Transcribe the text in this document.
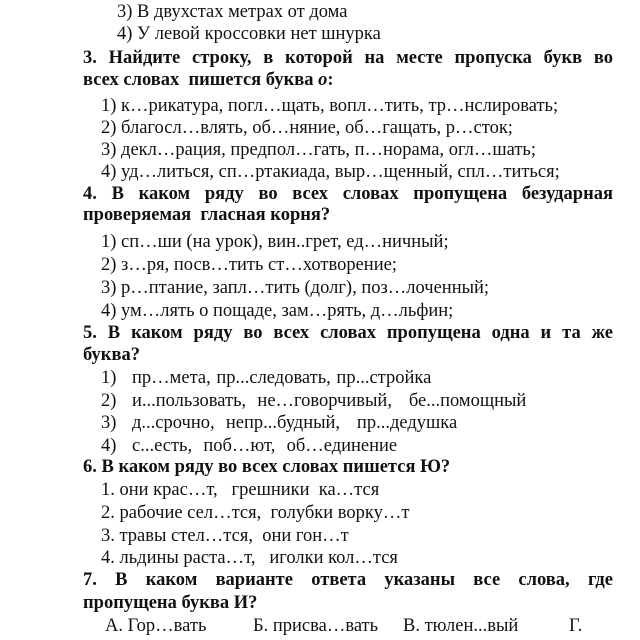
3) В двухстах метрах от дома
4) У левой кроссовки нет шнурка
3. Найдите строку, в которой на месте пропуска букв во
всех словах  пишется буква о:
1) к…рикатура, погл…щать, вопл…тить, тр…нслировать;
2) благосл…влять, об…няние, об…гащать, р…сток;
3) декл…рация, предпол…гать, п…норама, огл…шать;
4) уд…литься, сп…ртакиада, выр…щенный, спл…титься;
4. В каком ряду во всех словах пропущена безударная
проверяемая  гласная корня?
1) сп…ши (на урок), вин..грет, ед…ничный;
2) з…ря, посв…тить ст…хотворение;
3) р…птание, запл…тить (долг), поз…лоченный;
4) ум…лять о пощаде, зам…рять, д…льфин;
5. В каком ряду во всех словах пропущена одна и та же
буква?
1) пр…мета, пр...следовать, пр...стройка
2) и...пользовать,  не…говорчивый,   бе...помощный
3) д...срочно,  непр...будный,   пр...дедушка
4) с...есть,  поб…ют,  об…единение
6. В каком ряду во всех словах пишется Ю?
1. они крас…т,   грешники  ка…тся
2. рабочие сел…тся,  голубки ворку…т
3. травы стел…тся,  они гон…т
4. льдины раста…т,   иголки кол…тся
7. В каком варианте ответа указаны все слова, где
пропущена буква И?
А. Гор…вать	Б. присва…вать В. тюлен...вый	Г.
